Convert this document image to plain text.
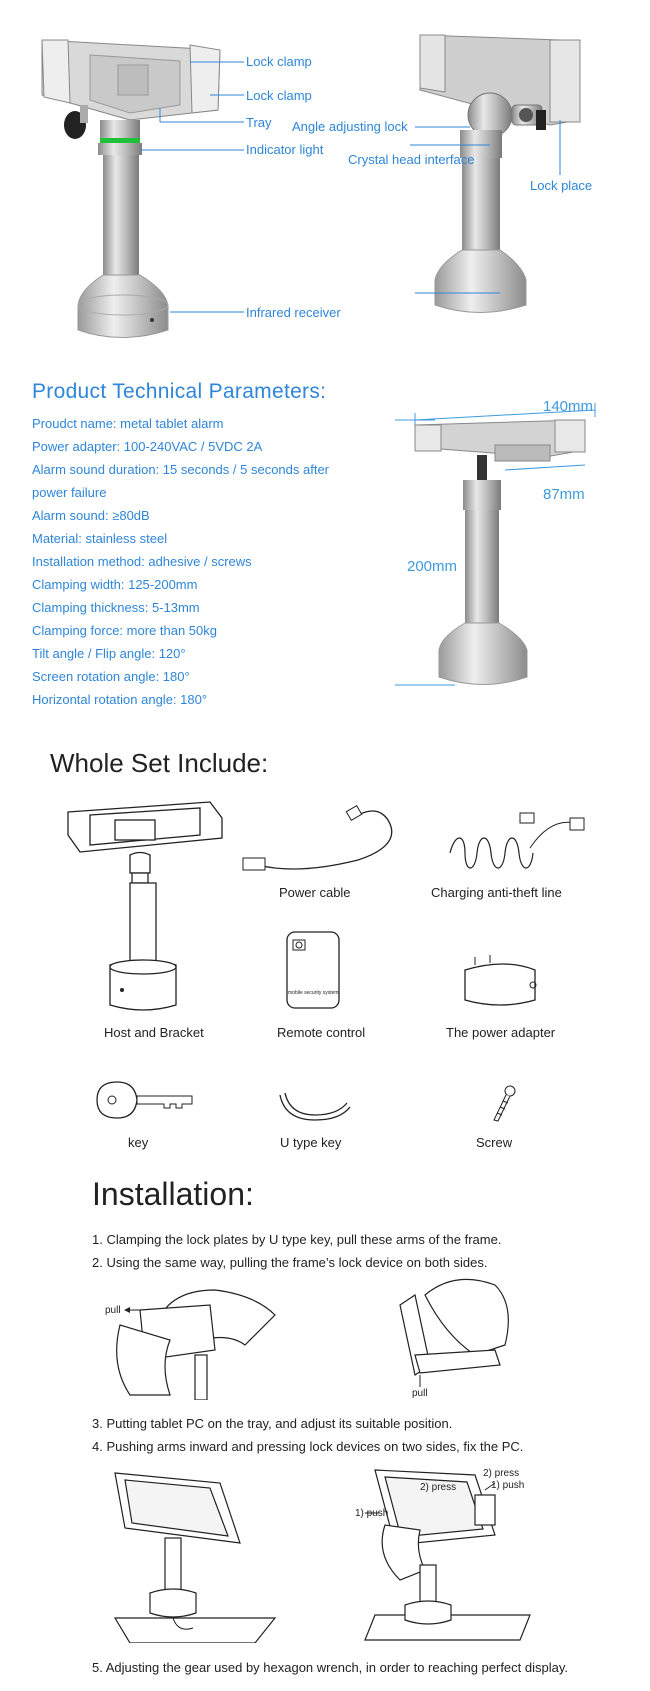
Lock clamp
Lock clamp
Tray
Indicator light
Infrared receiver
Angle adjusting lock
Crystal head interface
Lock place
Product Technical Parameters:
Proudct name: metal tablet alarm
Power adapter: 100-240VAC / 5VDC 2A
Alarm sound duration: 15 seconds / 5 seconds after
power failure
Alarm sound: ≥80dB
Material: stainless steel
Installation method: adhesive / screws
Clamping width: 125-200mm
Clamping thickness: 5-13mm
Clamping force: more than 50kg
Tilt angle / Flip angle: 120°
Screen rotation angle: 180°
Horizontal rotation angle: 180°
140mm
87mm
200mm
Whole Set Include:
Host and Bracket
Power cable	Charging anti-theft line
mobile security system
Remote control	The power adapter
key	U type key	Screw
Installation:
1. Clamping the lock plates by U type key, pull these arms of the frame.
2. Using the same way, pulling the frame’s lock device on both sides.
pull
pull
3. Putting tablet PC on the tray, and adjust its suitable position.
4. Pushing arms inward and pressing lock devices on two sides, fix the PC.
2) press
1) push
2) press
1) push
5. Adjusting the gear used by hexagon wrench, in order to reaching perfect display.
